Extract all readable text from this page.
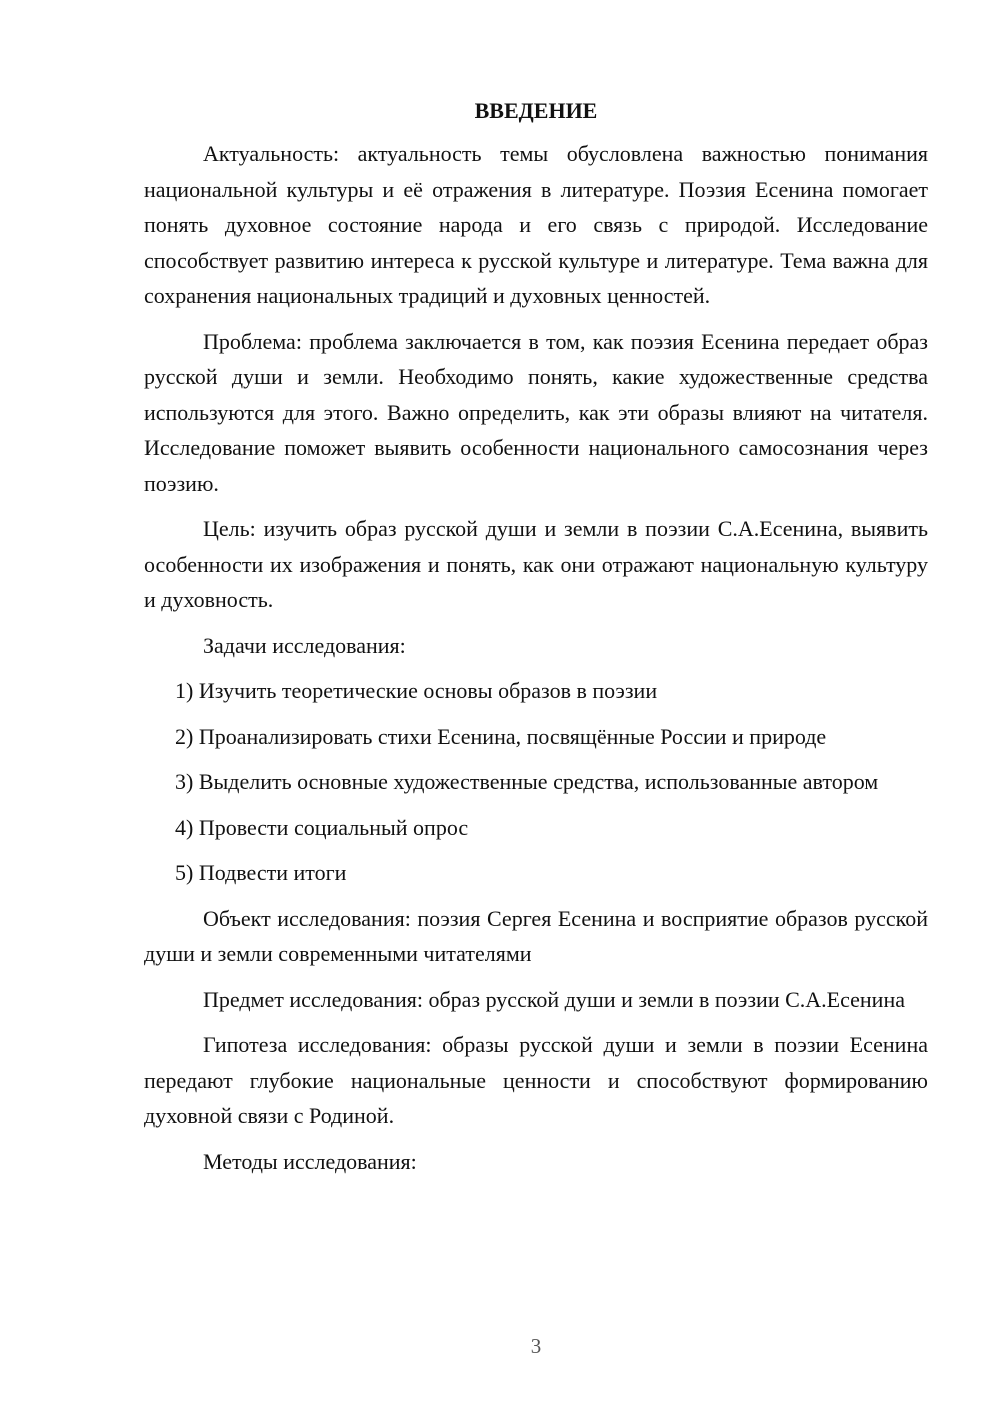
ВВЕДЕНИЕ

Актуальность: актуальность темы обусловлена важностью понимания национальной культуры и её отражения в литературе. Поэзия Есенина помогает понять духовное состояние народа и его связь с природой. Исследование способствует развитию интереса к русской культуре и литературе. Тема важна для сохранения национальных традиций и духовных ценностей.

Проблема: проблема заключается в том, как поэзия Есенина передает образ русской души и земли. Необходимо понять, какие художественные средства используются для этого. Важно определить, как эти образы влияют на читателя. Исследование поможет выявить особенности национального самосознания через поэзию.

Цель: изучить образ русской души и земли в поэзии С.А.Есенина, выявить особенности их изображения и понять, как они отражают национальную культуру и духовность.

Задачи исследования:

1) Изучить теоретические основы образов в поэзии

2) Проанализировать стихи Есенина, посвящённые России и природе

3) Выделить основные художественные средства, использованные автором

4) Провести социальный опрос

5) Подвести итоги

Объект исследования: поэзия Сергея Есенина и восприятие образов русской души и земли современными читателями

Предмет исследования: образ русской души и земли в поэзии С.А.Есенина

Гипотеза исследования: образы русской души и земли в поэзии Есенина передают глубокие национальные ценности и способствуют формированию духовной связи с Родиной.

Методы исследования:

3
